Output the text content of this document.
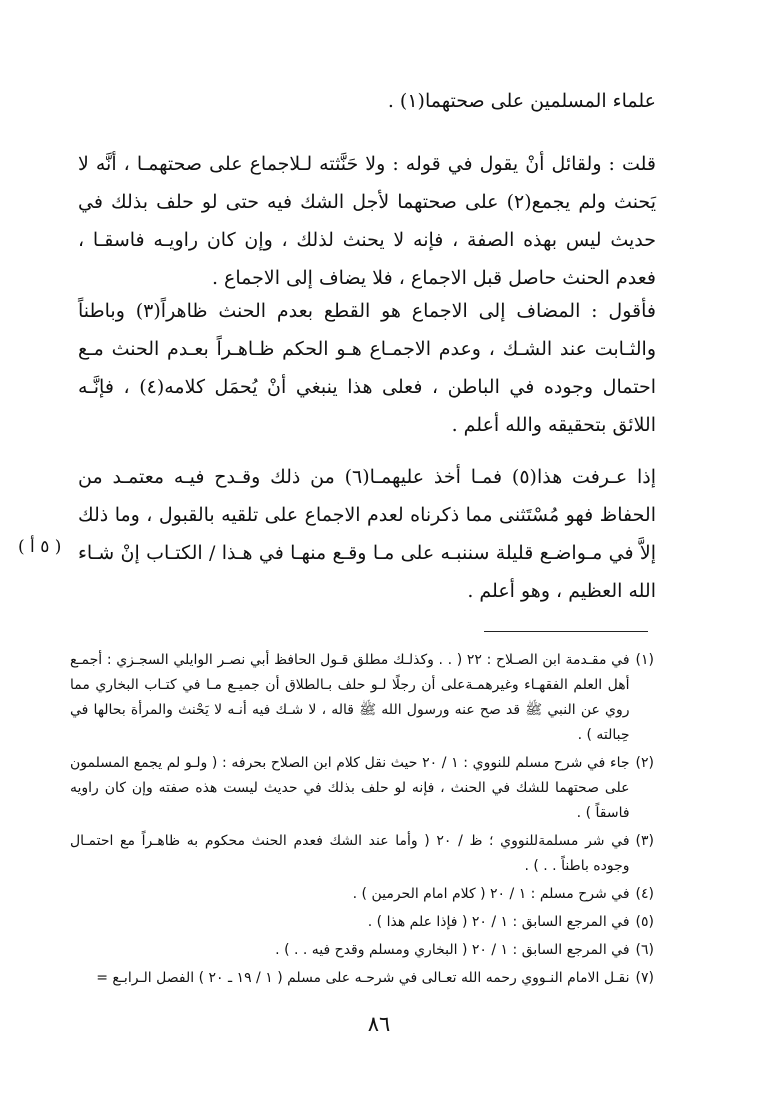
علماء المسلمين على صحتهما(١) .

قلت : ولقائل أنْ يقول في قوله : ولا حَنَّثته لـلاجماع على صحتهمـا ، أنَّه لا يَحنث ولم يجمع(٢) على صحتهما لأجل الشك فيه حتى لو حلف بذلك في حديث ليس بهذه الصفة ، فإنه لا يحنث لذلك ، وإن كان راويـه فاسقـا ، فعدم الحنث حاصل قبل الاجماع ، فلا يضاف إلى الاجماع .

فأقول : المضاف إلى الاجماع هو القطع بعدم الحنث ظاهراً(٣) وباطناً والثـابت عند الشـك ، وعدم الاجمـاع هـو الحكم ظـاهـراً بعـدم الحنث مـع احتمال وجوده في الباطن ، فعلى هذا ينبغي أنْ يُحمَل كلامه(٤) ، فإنَّـه اللائق بتحقيقه والله أعلم .

إذا عـرفت هذا(٥) فمـا أخذ عليهمـا(٦) من ذلك وقـدح فيـه معتمـد من الحفاظ فهو مُسْتَثنى مما ذكرناه لعدم الاجماع على تلقيه بالقبول ، وما ذلك إلاَّ في مـواضـع قليلة سننبـه على مـا وقـع منهـا في هـذا / الكتـاب إنْ شـاء الله العظيم ، وهو أعلم .

( ٥ أ )
(١)
في مقـدمة ابن الصـلاح : ٢٢ ( . . وكذلـك مطلق قـول الحافظ أبي نصـر الوايلي السجـزي : أجمـع أهل العلم الفقهـاء وغيرهمـةعلى أن رجلًا لـو حلف بـالطلاق أن جميـع مـا في كتـاب البخاري مما روي عن النبي ﷺ قد صح عنه ورسول الله ﷺ قاله ، لا شـك فيه أنـه لا يَحْنث والمرأة بحالها في حِبالته ) .
(٢)
جاء في شرح مسلم للنووي : ١ / ٢٠ حيث نقل كلام ابن الصلاح بحرفه : ( ولـو لم يجمع المسلمون على صحتهما للشك في الحنث ، فإنه لو حلف بذلك في حديث ليست هذه صفته وإن كان راويه فاسقاً ) .
(٣)
في شر مسلمةللنووي ؛ ظ / ٢٠ ( وأما عند الشك فعدم الحنث محكوم به ظاهـراً مع احتمـال وجوده باطناً . . ) .
(٤)
في شرح مسلم : ١ / ٢٠ ( كلام امام الحرمين ) .
(٥)
في المرجع السابق : ١ / ٢٠ ( فإذا علم هذا ) .
(٦)
في المرجع السابق : ١ / ٢٠ ( البخاري ومسلم وقدح فيه . . ) .
(٧)
نقـل الامام النـووي رحمه الله تعـالى في شرحـه على مسلم ( ١ / ١٩ ـ ٢٠ ) الفصل الـرابـع =
٨٦
